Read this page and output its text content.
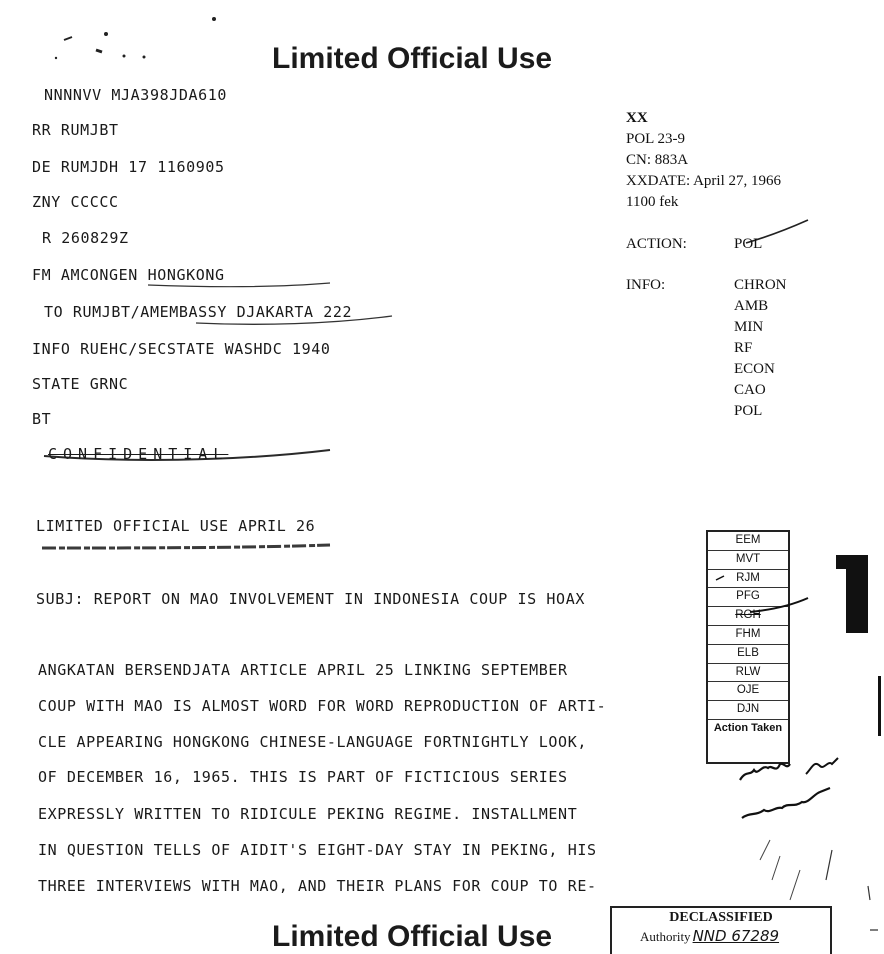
Limited Official Use
NNNNVV MJA398JDA610
RR RUMJBT
DE RUMJDH 17 1160905
ZNY CCCCC
R 260829Z
FM AMCONGEN HONGKONG
TO RUMJBT/AMEMBASSY DJAKARTA 222
INFO RUEHC/SECSTATE WASHDC 1940
STATE GRNC
BT
CONFIDENTIAL
LIMITED OFFICIAL USE APRIL 26
SUBJ: REPORT ON MAO INVOLVEMENT IN INDONESIA COUP IS HOAX
ANGKATAN BERSENDJATA ARTICLE APRIL 25 LINKING SEPTEMBER
COUP WITH MAO IS ALMOST WORD FOR WORD REPRODUCTION OF ARTI-
CLE APPEARING HONGKONG CHINESE-LANGUAGE FORTNIGHTLY LOOK,
OF DECEMBER 16, 1965. THIS IS PART OF FICTICIOUS SERIES
EXPRESSLY WRITTEN TO RIDICULE PEKING REGIME. INSTALLMENT
IN QUESTION TELLS OF AIDIT'S EIGHT-DAY STAY IN PEKING, HIS
THREE INTERVIEWS WITH MAO, AND THEIR PLANS FOR COUP TO RE-
XX
POL 23-9
CN: 883A
XXDATE: April 27, 1966
1100 fek
ACTION:	POL
INFO:	CHRON
AMB
MIN
RF
ECON
CAO
POL
EEM
MVT
RJM
PFG
RGH
FHM
ELB
RLW
OJE
DJN
Action Taken
Limited Official Use
DECLASSIFIED
Authority NND 67289
